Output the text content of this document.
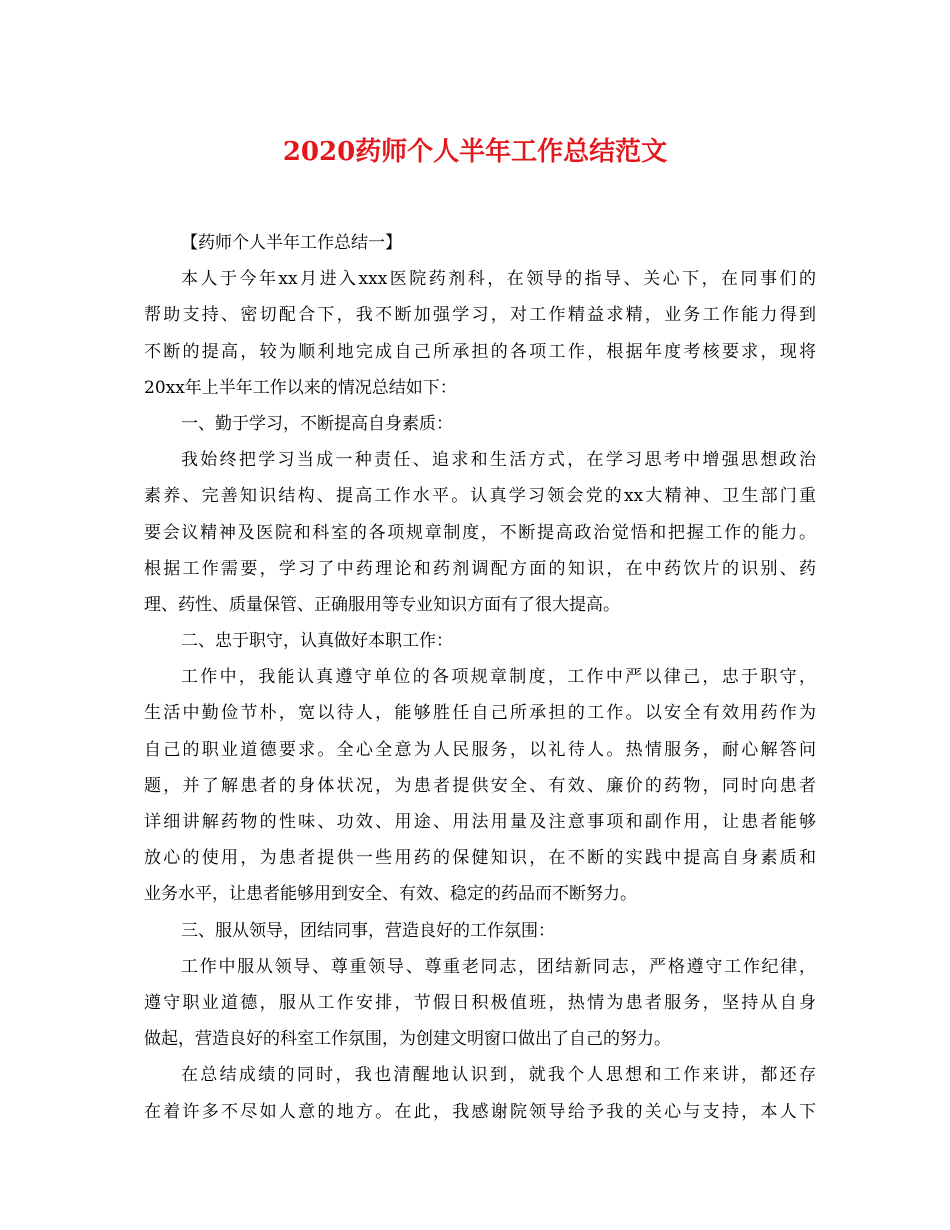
2020药师个人半年工作总结范文
【药师个人半年工作总结一】
本人于今年xx月进入xxx医院药剂科，在领导的指导、关心下，在同事们的
帮助支持、密切配合下，我不断加强学习，对工作精益求精，业务工作能力得到
不断的提高，较为顺利地完成自己所承担的各项工作，根据年度考核要求，现将
20xx年上半年工作以来的情况总结如下：
一、勤于学习，不断提高自身素质：
我始终把学习当成一种责任、追求和生活方式，在学习思考中增强思想政治
素养、完善知识结构、提高工作水平。认真学习领会党的xx大精神、卫生部门重
要会议精神及医院和科室的各项规章制度，不断提高政治觉悟和把握工作的能力。
根据工作需要，学习了中药理论和药剂调配方面的知识，在中药饮片的识别、药
理、药性、质量保管、正确服用等专业知识方面有了很大提高。
二、忠于职守，认真做好本职工作：
工作中，我能认真遵守单位的各项规章制度，工作中严以律己，忠于职守，
生活中勤俭节朴，宽以待人，能够胜任自己所承担的工作。以安全有效用药作为
自己的职业道德要求。全心全意为人民服务，以礼待人。热情服务，耐心解答问
题，并了解患者的身体状况，为患者提供安全、有效、廉价的药物，同时向患者
详细讲解药物的性味、功效、用途、用法用量及注意事项和副作用，让患者能够
放心的使用，为患者提供一些用药的保健知识，在不断的实践中提高自身素质和
业务水平，让患者能够用到安全、有效、稳定的药品而不断努力。
三、服从领导，团结同事，营造良好的工作氛围：
工作中服从领导、尊重领导、尊重老同志，团结新同志，严格遵守工作纪律，
遵守职业道德，服从工作安排，节假日积极值班，热情为患者服务，坚持从自身
做起，营造良好的科室工作氛围，为创建文明窗口做出了自己的努力。
在总结成绩的同时，我也清醒地认识到，就我个人思想和工作来讲，都还存
在着许多不尽如人意的地方。在此，我感谢院领导给予我的关心与支持，本人下
